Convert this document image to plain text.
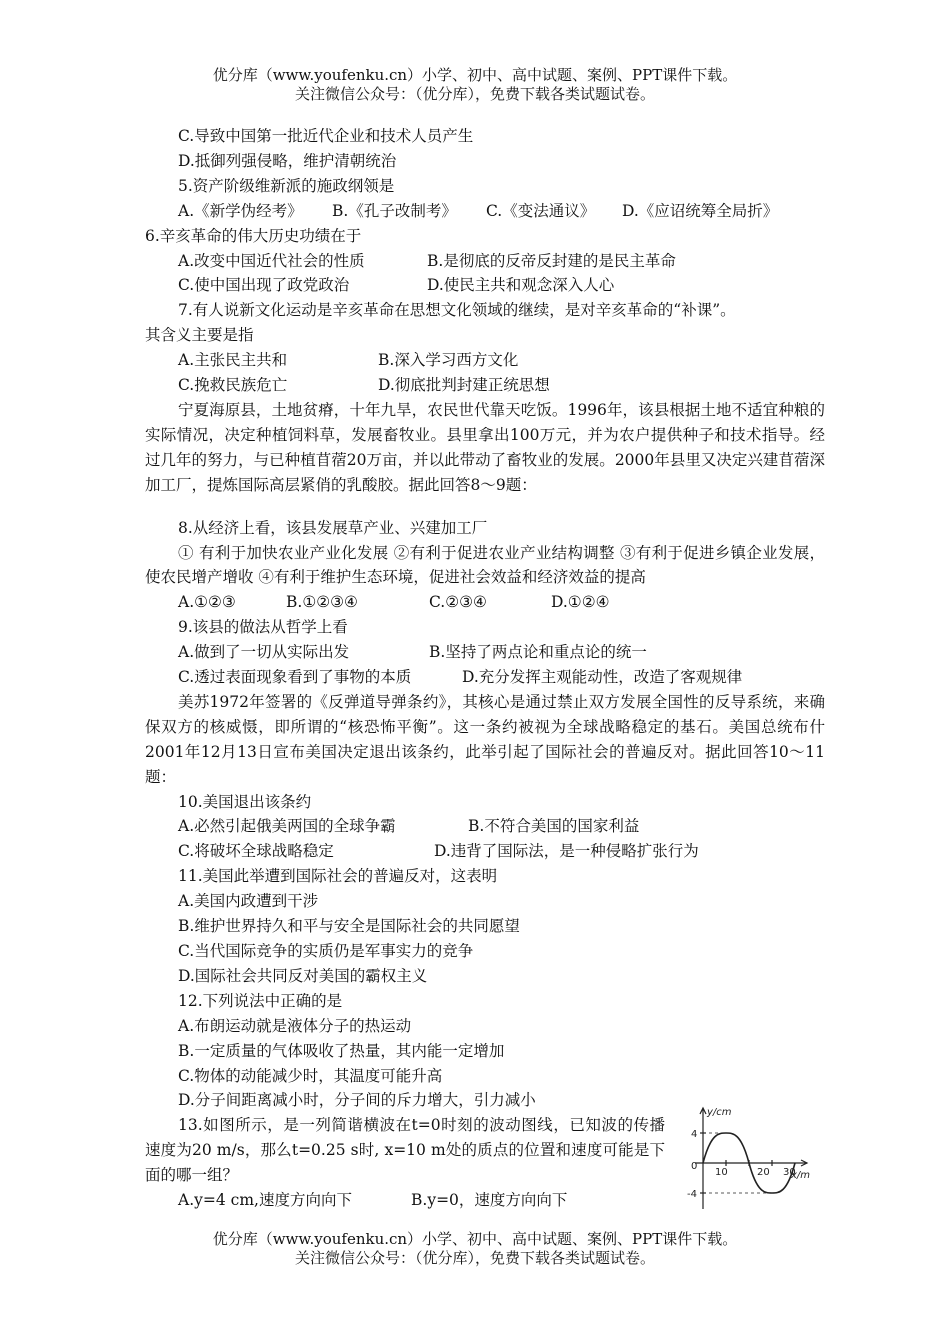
优分库（www.youfenku.cn）小学、初中、高中试题、案例、PPT课件下载。
关注微信公众号：（优分库），免费下载各类试题试卷。

C.导致中国第一批近代企业和技术人员产生

D.抵御列强侵略，维护清朝统治

5.资产阶级维新派的施政纲领是

A.《新学伪经考》	B.《孔子改制考》	C.《变法通议》	D.《应诏统筹全局折》

6.辛亥革命的伟大历史功绩在于

A.改变中国近代社会的性质	B.是彻底的反帝反封建的是民主革命
C.使中国出现了政党政治	D.使民主共和观念深入人心

7.有人说新文化运动是辛亥革命在思想文化领域的继续，是对辛亥革命的“补课”。

其含义主要是指

A.主张民主共和	B.深入学习西方文化
C.挽救民族危亡	D.彻底批判封建正统思想

宁夏海原县，土地贫瘠，十年九旱，农民世代靠天吃饭。1996年，该县根据土地不适宜种粮的实际情况，决定种植饲料草，发展畜牧业。县里拿出100万元，并为农户提供种子和技术指导。经过几年的努力，与已种植苜蓿20万亩，并以此带动了畜牧业的发展。2000年县里又决定兴建苜蓿深加工厂，提炼国际高层紧俏的乳酸胶。据此回答8～9题：

8.从经济上看，该县发展草产业、兴建加工厂

① 有利于加快农业产业化发展 ②有利于促进农业产业结构调整 ③有利于促进乡镇企业发展，使农民增产增收 ④有利于维护生态环境，促进社会效益和经济效益的提高

A.①②③	B.①②③④	C.②③④	D.①②④

9.该县的做法从哲学上看

A.做到了一切从实际出发	B.坚持了两点论和重点论的统一
C.透过表面现象看到了事物的本质	D.充分发挥主观能动性，改造了客观规律

美苏1972年签署的《反弹道导弹条约》，其核心是通过禁止双方发展全国性的反导系统，来确保双方的核威慑，即所谓的“核恐怖平衡”。这一条约被视为全球战略稳定的基石。美国总统布什2001年12月13日宣布美国决定退出该条约，此举引起了国际社会的普遍反对。据此回答10～11题：

10.美国退出该条约

A.必然引起俄美两国的全球争霸	B.不符合美国的国家利益
C.将破坏全球战略稳定	D.违背了国际法，是一种侵略扩张行为

11.美国此举遭到国际社会的普遍反对，这表明

A.美国内政遭到干涉

B.维护世界持久和平与安全是国际社会的共同愿望

C.当代国际竞争的实质仍是军事实力的竞争

D.国际社会共同反对美国的霸权主义

12.下列说法中正确的是

A.布朗运动就是液体分子的热运动

B.一定质量的气体吸收了热量，其内能一定增加

C.物体的动能减少时，其温度可能升高

D.分子间距离减小时，分子间的斥力增大，引力减小

13.如图所示，是一列简谐横波在t=0时刻的波动图线，已知波的传播速度为20 m/s，那么t=0.25 s时, x=10 m处的质点的位置和速度可能是下面的哪一组？

A.y=4 cm,速度方向向下	B.y=0，速度方向向下
y/cm
x/m
4
-4
0
10	20 30
优分库（www.youfenku.cn）小学、初中、高中试题、案例、PPT课件下载。
关注微信公众号：（优分库），免费下载各类试题试卷。
